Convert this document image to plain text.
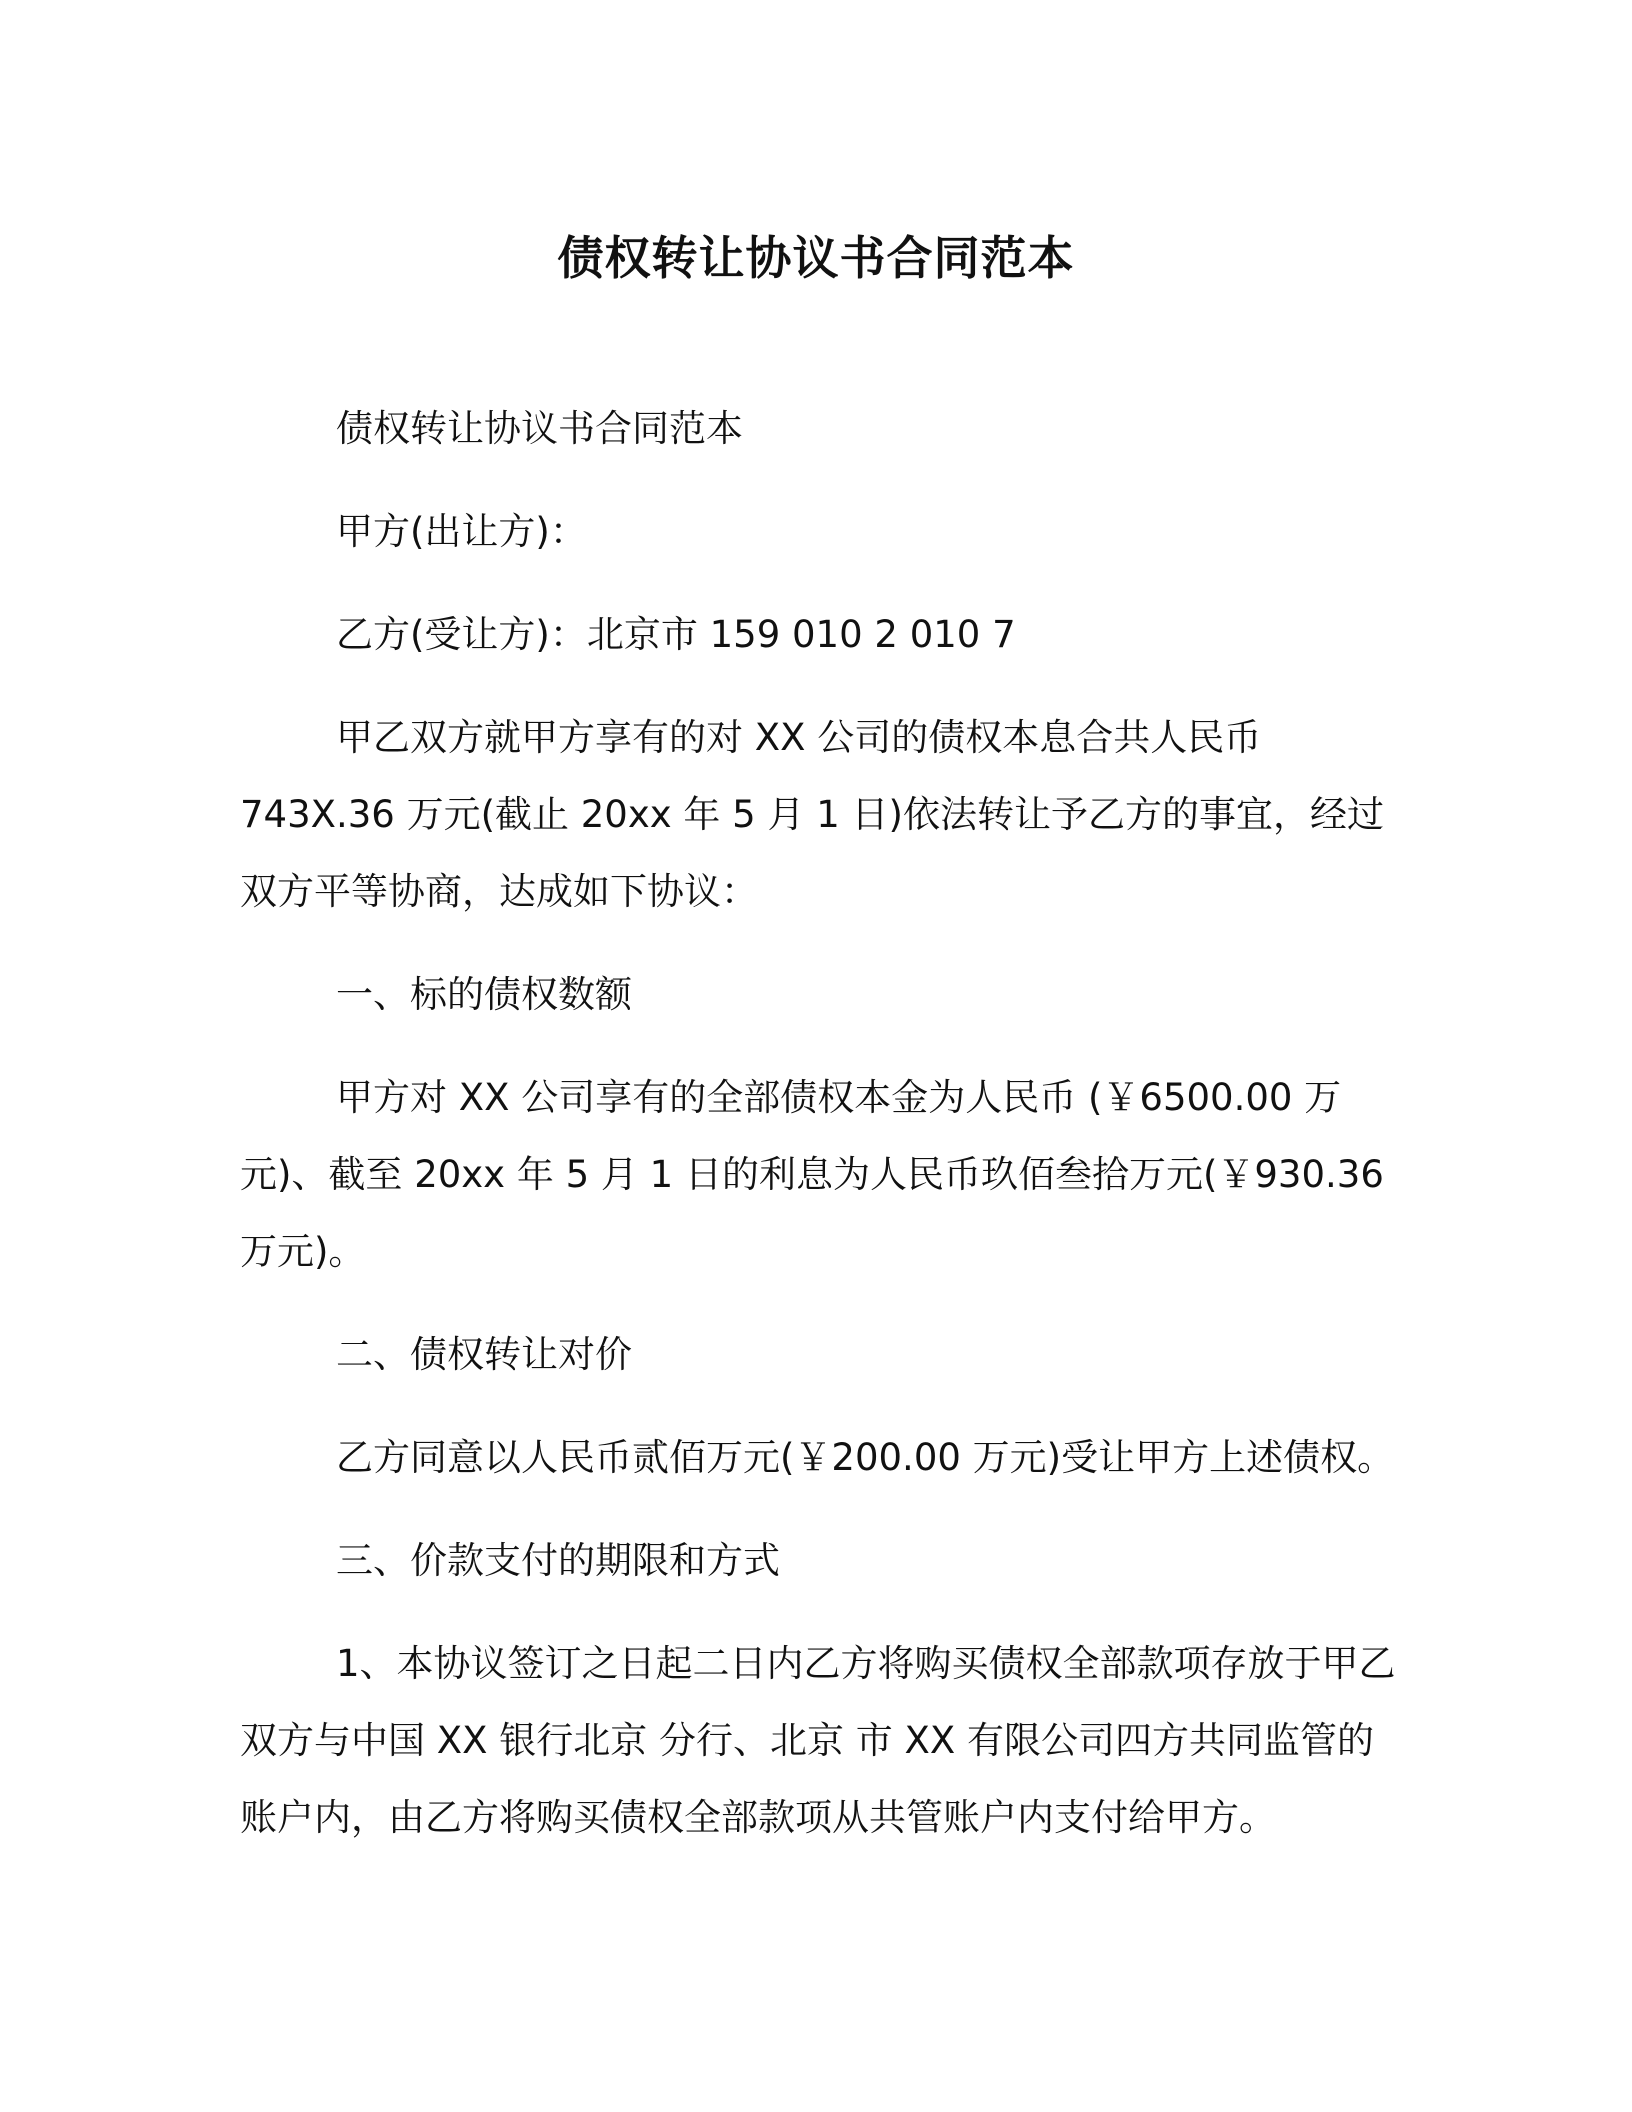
债权转让协议书合同范本

债权转让协议书合同范本

甲方(出让方)：

乙方(受让方)：北京市 159 010 2 010 7

甲乙双方就甲方享有的对 XX 公司的债权本息合共人民币 743X.36 万元(截止 20xx 年 5 月 1 日)依法转让予乙方的事宜，经过双方平等协商，达成如下协议：

一、标的债权数额

甲方对 XX 公司享有的全部债权本金为人民币 (￥6500.00 万元)、截至 20xx 年 5 月 1 日的利息为人民币玖佰叁拾万元(￥930.36 万元)。

二、债权转让对价

乙方同意以人民币贰佰万元(￥200.00 万元)受让甲方上述债权。

三、价款支付的期限和方式

1、本协议签订之日起二日内乙方将购买债权全部款项存放于甲乙双方与中国 XX 银行北京 分行、北京 市 XX 有限公司四方共同监管的账户内，由乙方将购买债权全部款项从共管账户内支付给甲方。
